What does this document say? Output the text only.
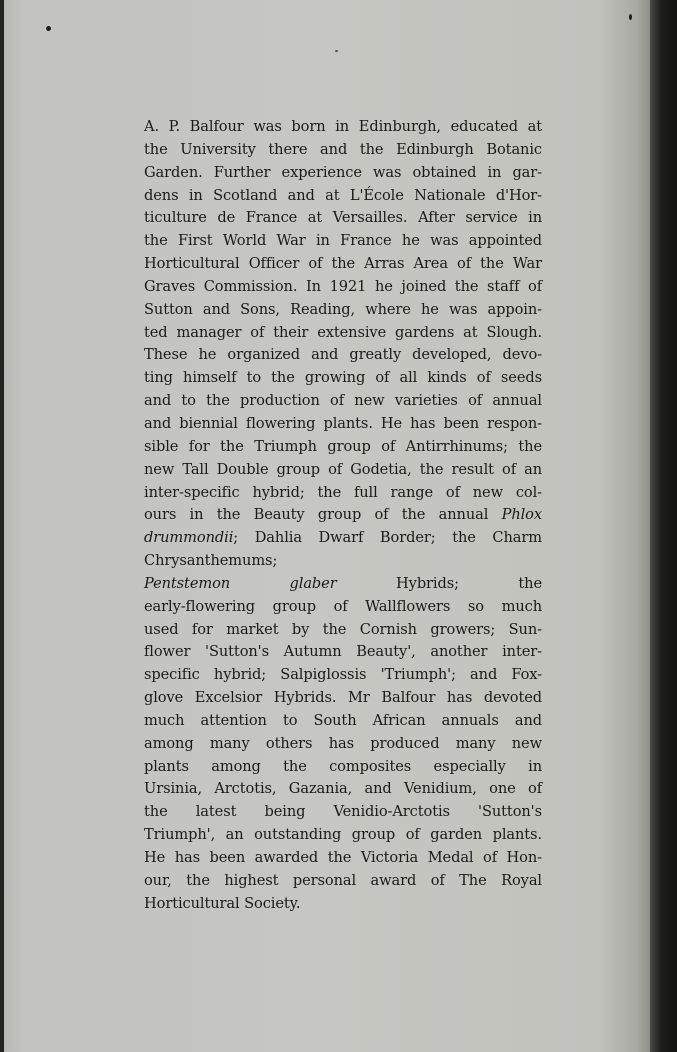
A. P. Balfour was born in Edinburgh, educated at
the University there and the Edinburgh Botanic
Garden. Further experience was obtained in gar-
dens in Scotland and at L'École Nationale d'Hor-
ticulture de France at Versailles. After service in
the First World War in France he was appointed
Horticultural Officer of the Arras Area of the War
Graves Commission. In 1921 he joined the staff of
Sutton and Sons, Reading, where he was appoin-
ted manager of their extensive gardens at Slough.
These he organized and greatly developed, devo-
ting himself to the growing of all kinds of seeds
and to the production of new varieties of annual
and biennial flowering plants. He has been respon-
sible for the Triumph group of Antirrhinums; the
new Tall Double group of Godetia, the result of an
inter-specific hybrid; the full range of new col-
ours in the Beauty group of the annual Phlox
drummondii; Dahlia Dwarf Border; the Charm
Chrysanthemums;
Pentstemon glaber	Hybrids; the
early-flowering group of Wallflowers so much
used for market by the Cornish growers; Sun-
flower 'Sutton's Autumn Beauty', another inter-
specific hybrid; Salpiglossis 'Triumph'; and Fox-
glove Excelsior Hybrids. Mr Balfour has devoted
much attention to South African annuals and
among many others has produced many new
plants among the composites especially in
Ursinia, Arctotis, Gazania, and Venidium, one of
the latest being Venidio-Arctotis 'Sutton's
Triumph', an outstanding group of garden plants.
He has been awarded the Victoria Medal of Hon-
our, the highest personal award of The Royal
Horticultural Society.
